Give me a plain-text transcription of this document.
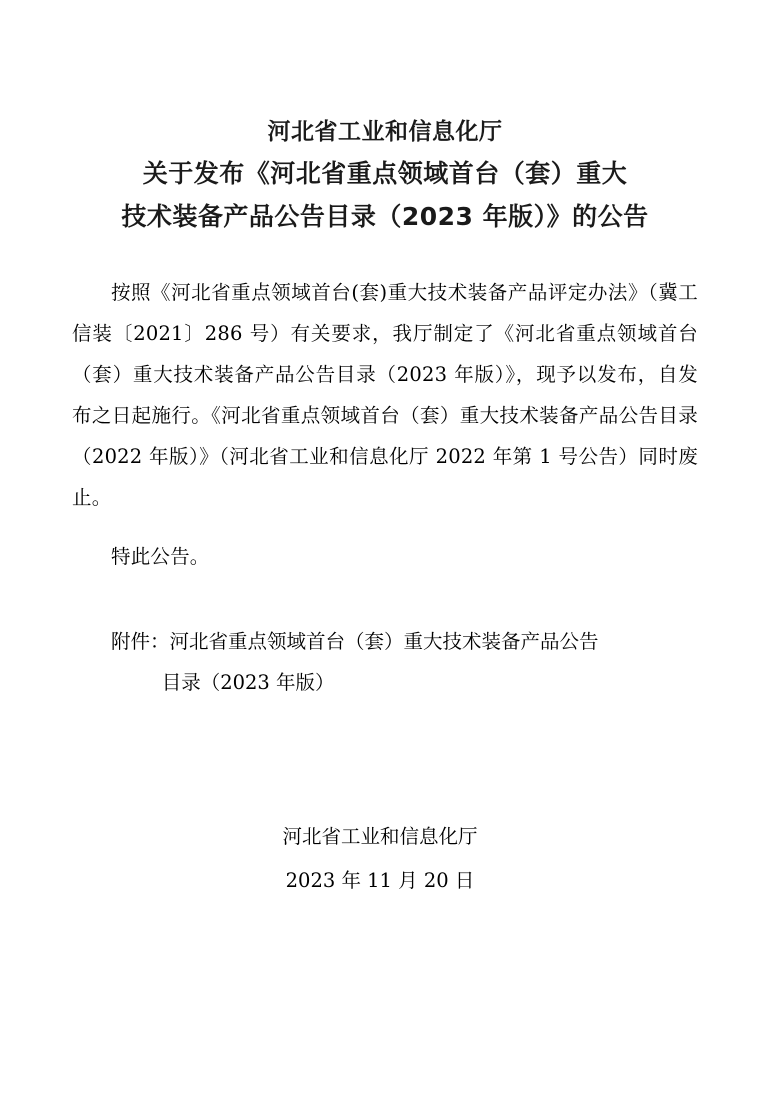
河北省工业和信息化厅
关于发布《河北省重点领域首台（套）重大
技术装备产品公告目录（2023 年版）》的公告

按照《河北省重点领域首台(套)重大技术装备产品评定办法》（冀工信装〔2021〕286 号）有关要求，我厅制定了《河北省重点领域首台（套）重大技术装备产品公告目录（2023 年版）》，现予以发布，自发布之日起施行。《河北省重点领域首台（套）重大技术装备产品公告目录（2022 年版）》（河北省工业和信息化厅 2022 年第 1 号公告）同时废止。

特此公告。

附件：河北省重点领域首台（套）重大技术装备产品公告

目录（2023 年版）

河北省工业和信息化厅
2023 年 11 月 20 日
